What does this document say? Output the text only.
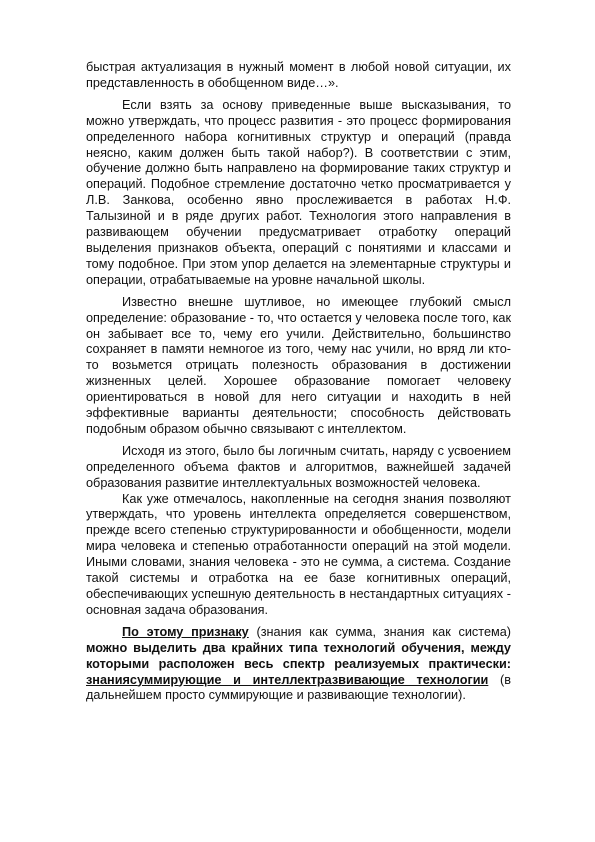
быстрая актуализация в нужный момент в любой новой ситуации, их представленность в обобщенном виде…».

Если взять за основу приведенные выше высказывания, то можно утверждать, что процесс развития - это процесс формирования определенного набора когнитивных структур и операций (правда неясно, каким должен быть такой набор?). В соответствии с этим, обучение должно быть направлено на формирование таких структур и операций. Подобное стремление достаточно четко просматривается у Л.В. Занкова, особенно явно прослеживается в работах Н.Ф. Талызиной и в ряде других работ. Технология этого направления в развивающем обучении предусматривает отработку операций выделения признаков объекта, операций с понятиями и классами и тому подобное. При этом упор делается на элементарные структуры и операции, отрабатываемые на уровне начальной школы.

Известно внешне шутливое, но имеющее глубокий смысл определение: образование - то, что остается у человека после того, как он забывает все то, чему его учили. Действительно, большинство сохраняет в памяти немногое из того, чему нас учили, но вряд ли кто-то возьмется отрицать полезность образования в достижении жизненных целей. Хорошее образование помогает человеку ориентироваться в новой для него ситуации и находить в ней эффективные варианты деятельности; способность действовать подобным образом обычно связывают с интеллектом.

Исходя из этого, было бы логичным считать, наряду с усвоением определенного объема фактов и алгоритмов, важнейшей задачей образования развитие интеллектуальных возможностей человека.

Как уже отмечалось, накопленные на сегодня знания позволяют утверждать, что уровень интеллекта определяется совершенством, прежде всего степенью структурированности и обобщенности, модели мира человека и степенью отработанности операций на этой модели. Иными словами, знания человека - это не сумма, а система. Создание такой системы и отработка на ее базе когнитивных операций, обеспечивающих успешную деятельность в нестандартных ситуациях - основная задача образования.

По этому признаку (знания как сумма, знания как система) можно выделить два крайних типа технологий обучения, между которыми расположен весь спектр реализуемых практически: знаниясуммирующие и интеллектразвивающие технологии (в дальнейшем просто суммирующие и развивающие технологии).
